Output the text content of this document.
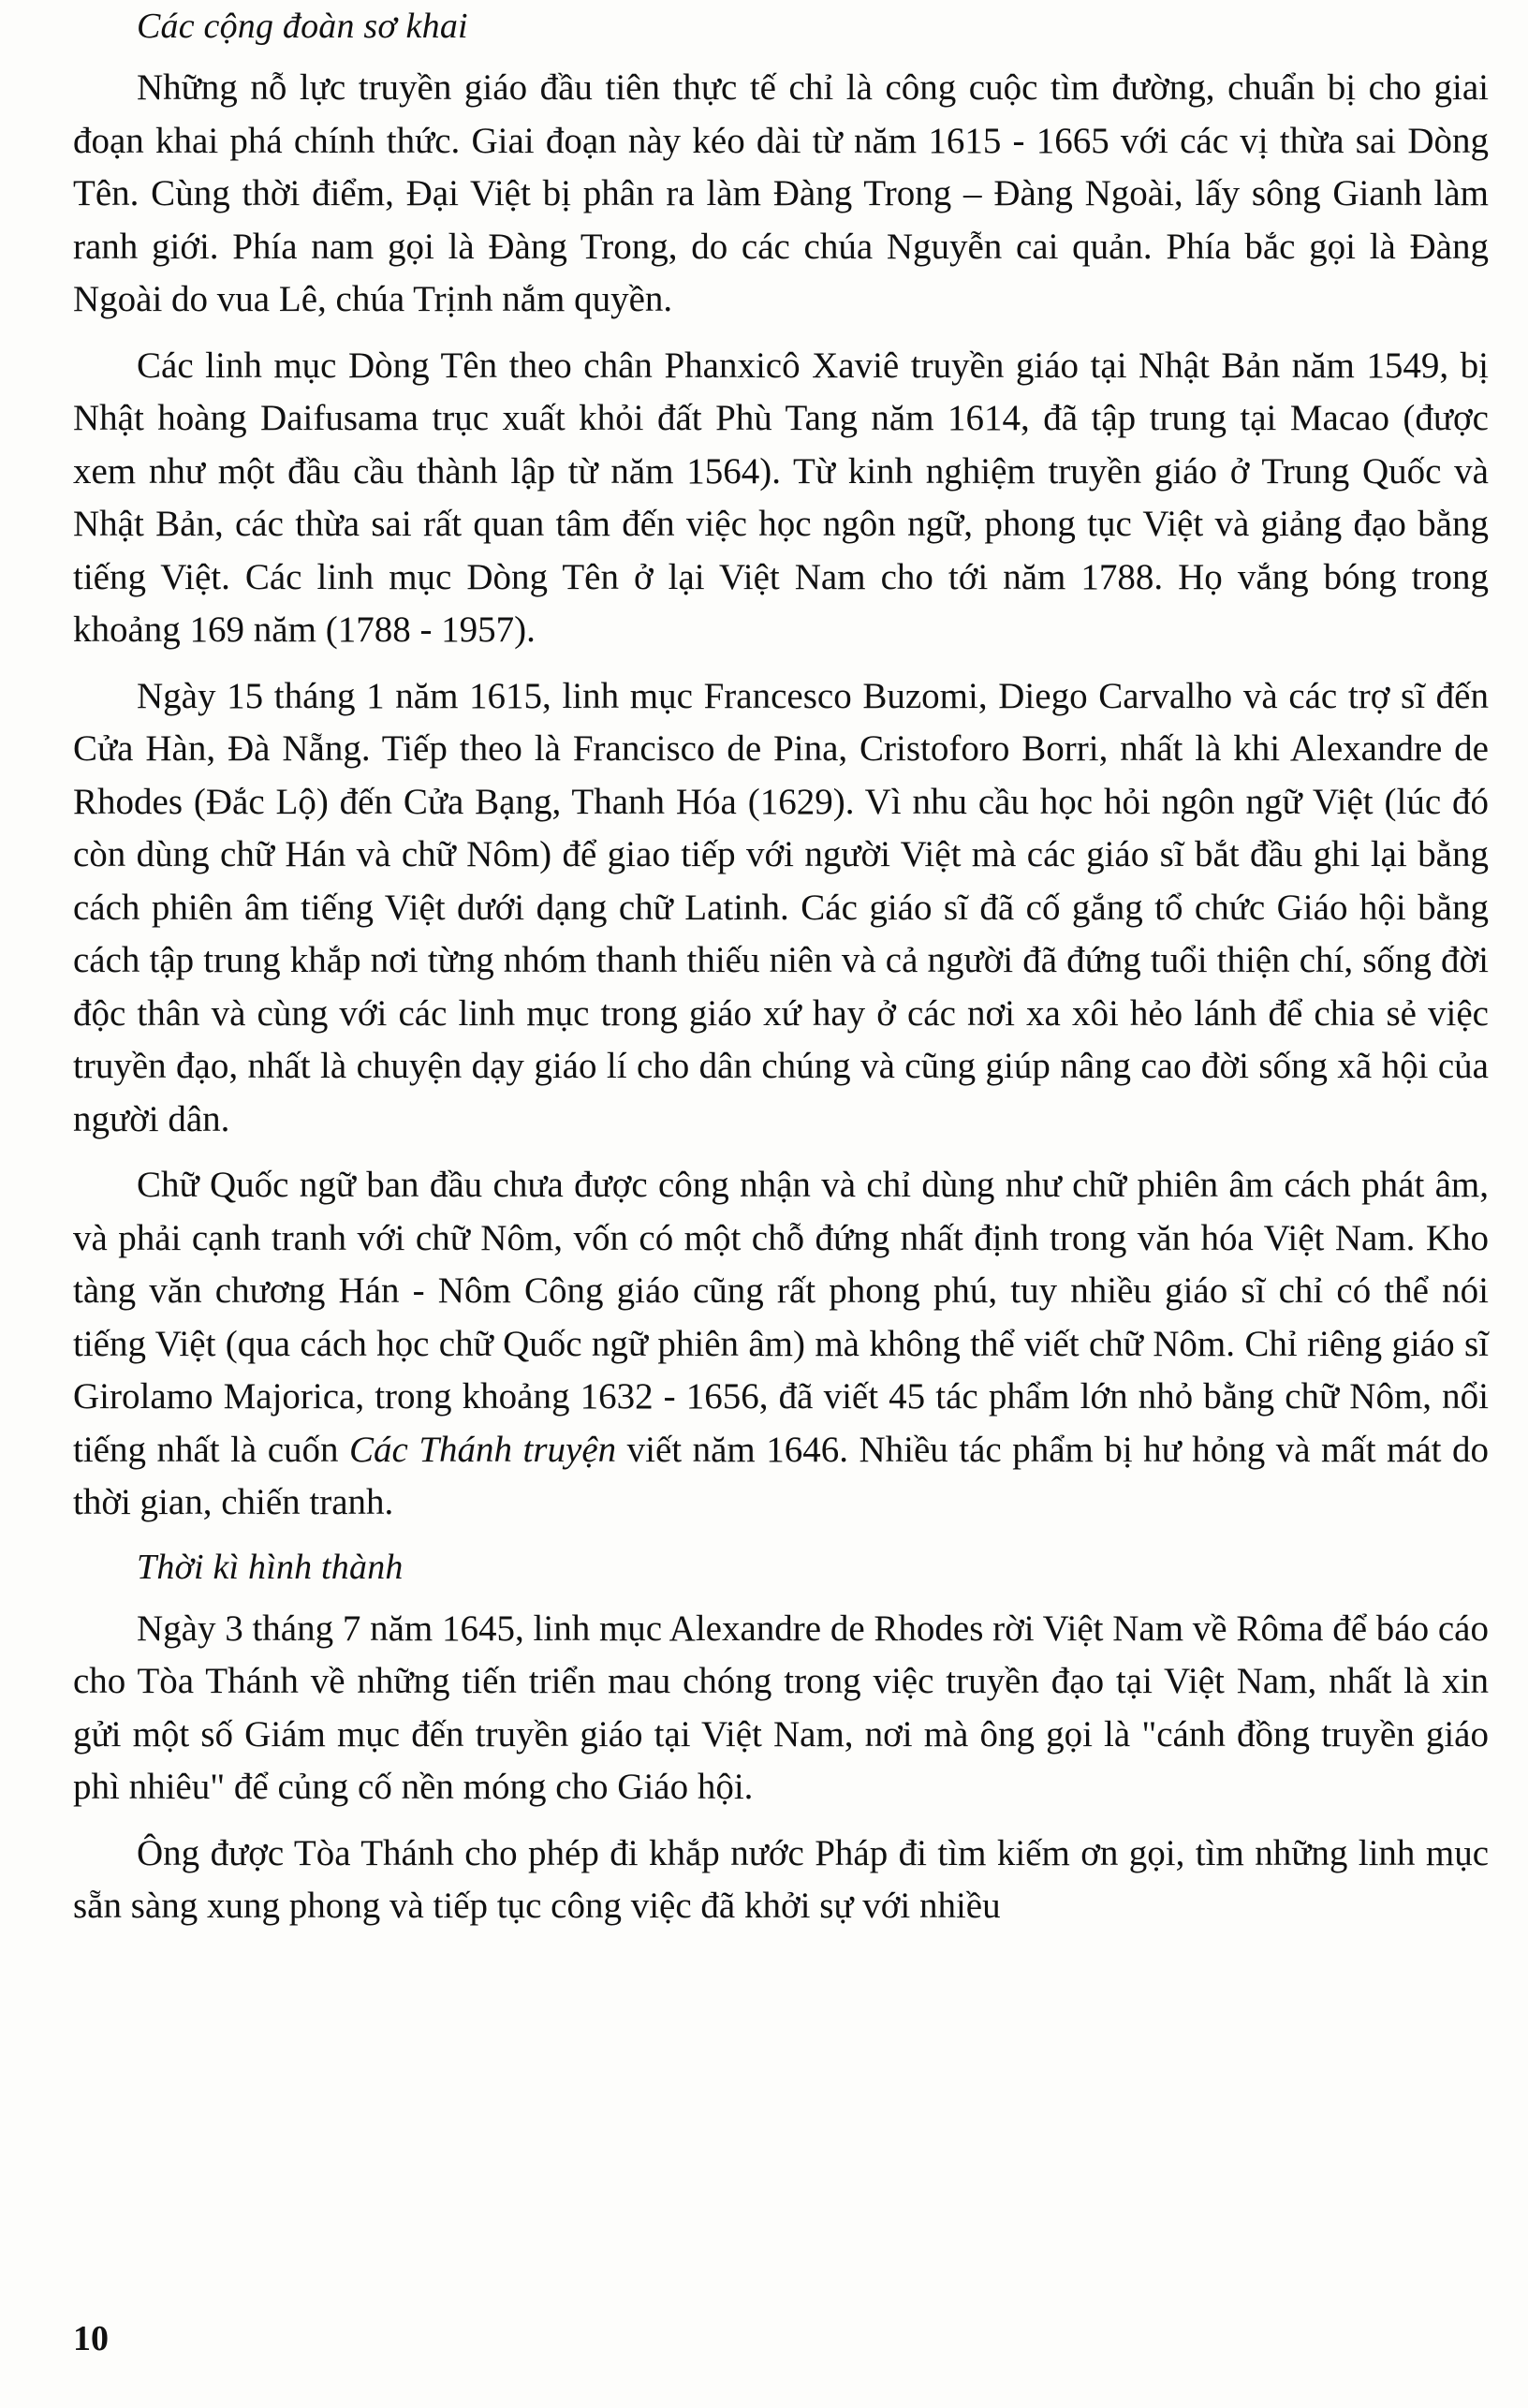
Các cộng đoàn sơ khai

Những nỗ lực truyền giáo đầu tiên thực tế chỉ là công cuộc tìm đường, chuẩn bị cho giai đoạn khai phá chính thức. Giai đoạn này kéo dài từ năm 1615 - 1665 với các vị thừa sai Dòng Tên. Cùng thời điểm, Đại Việt bị phân ra làm Đàng Trong – Đàng Ngoài, lấy sông Gianh làm ranh giới. Phía nam gọi là Đàng Trong, do các chúa Nguyễn cai quản. Phía bắc gọi là Đàng Ngoài do vua Lê, chúa Trịnh nắm quyền.

Các linh mục Dòng Tên theo chân Phanxicô Xaviê truyền giáo tại Nhật Bản năm 1549, bị Nhật hoàng Daifusama trục xuất khỏi đất Phù Tang năm 1614, đã tập trung tại Macao (được xem như một đầu cầu thành lập từ năm 1564). Từ kinh nghiệm truyền giáo ở Trung Quốc và Nhật Bản, các thừa sai rất quan tâm đến việc học ngôn ngữ, phong tục Việt và giảng đạo bằng tiếng Việt. Các linh mục Dòng Tên ở lại Việt Nam cho tới năm 1788. Họ vắng bóng trong khoảng 169 năm (1788 - 1957).

Ngày 15 tháng 1 năm 1615, linh mục Francesco Buzomi, Diego Carvalho và các trợ sĩ đến Cửa Hàn, Đà Nẵng. Tiếp theo là Francisco de Pina, Cristoforo Borri, nhất là khi Alexandre de Rhodes (Đắc Lộ) đến Cửa Bạng, Thanh Hóa (1629). Vì nhu cầu học hỏi ngôn ngữ Việt (lúc đó còn dùng chữ Hán và chữ Nôm) để giao tiếp với người Việt mà các giáo sĩ bắt đầu ghi lại bằng cách phiên âm tiếng Việt dưới dạng chữ Latinh. Các giáo sĩ đã cố gắng tổ chức Giáo hội bằng cách tập trung khắp nơi từng nhóm thanh thiếu niên và cả người đã đứng tuổi thiện chí, sống đời độc thân và cùng với các linh mục trong giáo xứ hay ở các nơi xa xôi hẻo lánh để chia sẻ việc truyền đạo, nhất là chuyện dạy giáo lí cho dân chúng và cũng giúp nâng cao đời sống xã hội của người dân.

Chữ Quốc ngữ ban đầu chưa được công nhận và chỉ dùng như chữ phiên âm cách phát âm, và phải cạnh tranh với chữ Nôm, vốn có một chỗ đứng nhất định trong văn hóa Việt Nam. Kho tàng văn chương Hán - Nôm Công giáo cũng rất phong phú, tuy nhiều giáo sĩ chỉ có thể nói tiếng Việt (qua cách học chữ Quốc ngữ phiên âm) mà không thể viết chữ Nôm. Chỉ riêng giáo sĩ Girolamo Majorica, trong khoảng 1632 - 1656, đã viết 45 tác phẩm lớn nhỏ bằng chữ Nôm, nổi tiếng nhất là cuốn Các Thánh truyện viết năm 1646. Nhiều tác phẩm bị hư hỏng và mất mát do thời gian, chiến tranh.

Thời kì hình thành

Ngày 3 tháng 7 năm 1645, linh mục Alexandre de Rhodes rời Việt Nam về Rôma để báo cáo cho Tòa Thánh về những tiến triển mau chóng trong việc truyền đạo tại Việt Nam, nhất là xin gửi một số Giám mục đến truyền giáo tại Việt Nam, nơi mà ông gọi là "cánh đồng truyền giáo phì nhiêu" để củng cố nền móng cho Giáo hội.

Ông được Tòa Thánh cho phép đi khắp nước Pháp đi tìm kiếm ơn gọi, tìm những linh mục sẵn sàng xung phong và tiếp tục công việc đã khởi sự với nhiều

10
